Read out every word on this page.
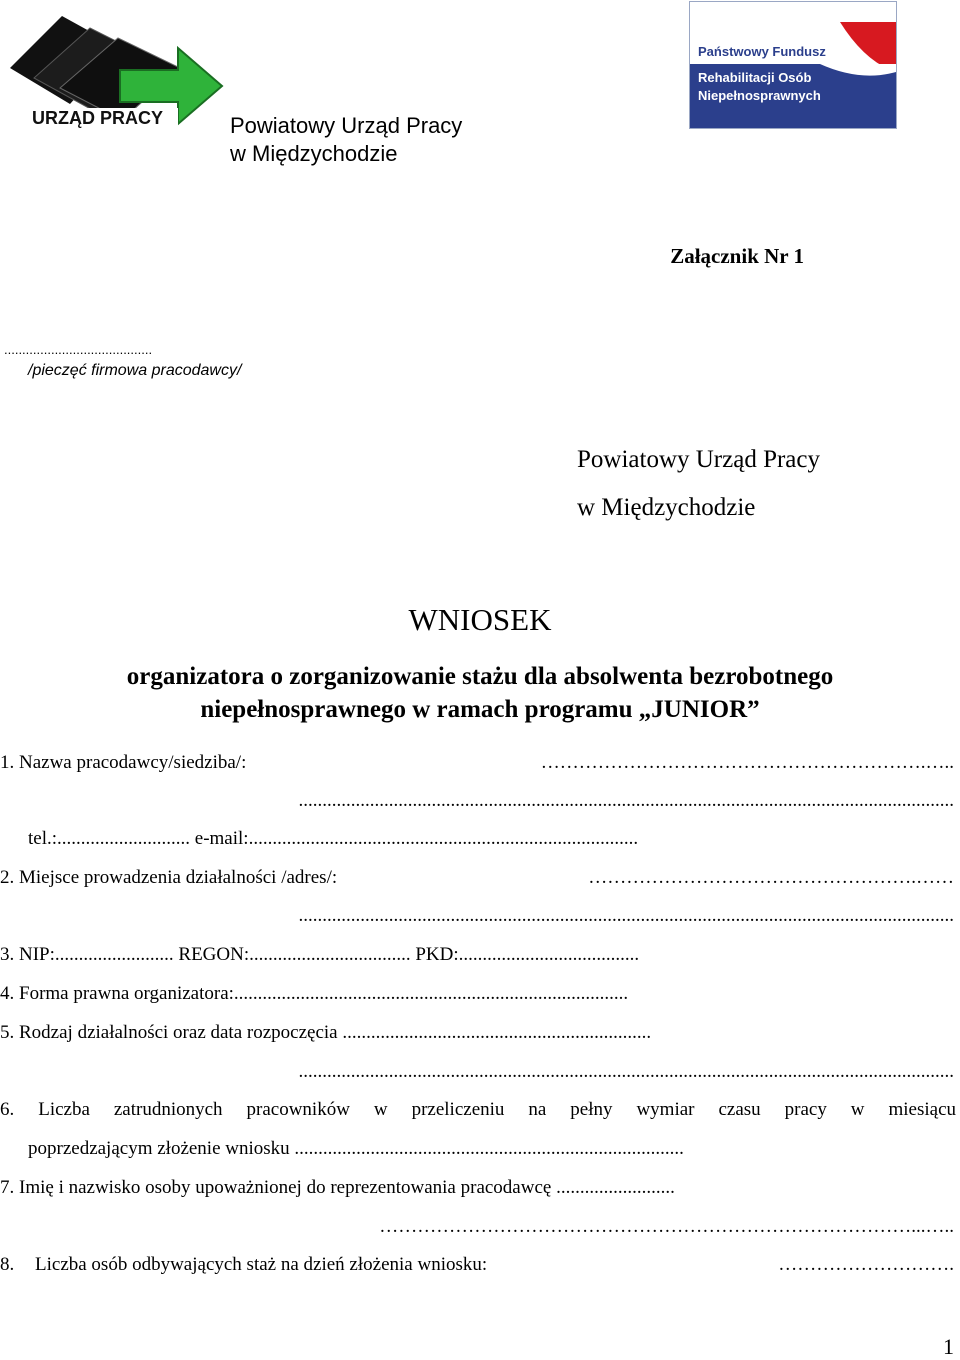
URZĄD PRACY
Państwowy Fundusz
Rehabilitacji Osób
Niepełnosprawnych
Powiatowy Urząd Pracy
w Międzychodzie
Załącznik Nr 1
.........................................
/pieczęć firmowa pracodawcy/
Powiatowy Urząd Pracy
w Międzychodzie
WNIOSEK
organizatora o zorganizowanie stażu dla absolwenta bezrobotnego
niepełnosprawnego w ramach programu „JUNIOR”
1. Nazwa pracodawcy/siedziba/:	…………………………………………………….…..
..........................................................................................................................................
tel.:............................ e-mail:..................................................................................
2. Miejsce prowadzenia działalności /adres/:	…………………………………………….……
..........................................................................................................................................
3. NIP:......................... REGON:.................................. PKD:......................................
4. Forma prawna organizatora:...................................................................................
5. Rodzaj działalności oraz data rozpoczęcia .................................................................
..........................................................................................................................................
6. Liczba zatrudnionych pracowników w przeliczeniu na pełny wymiar czasu pracy w miesiącu
poprzedzającym złożenie wniosku ..................................................................................
7. Imię i nazwisko osoby upoważnionej do reprezentowania pracodawcę .........................
…………………………………………………………………………...…..
8. Liczba osób odbywających staż na dzień złożenia wniosku:	……………………….
1
